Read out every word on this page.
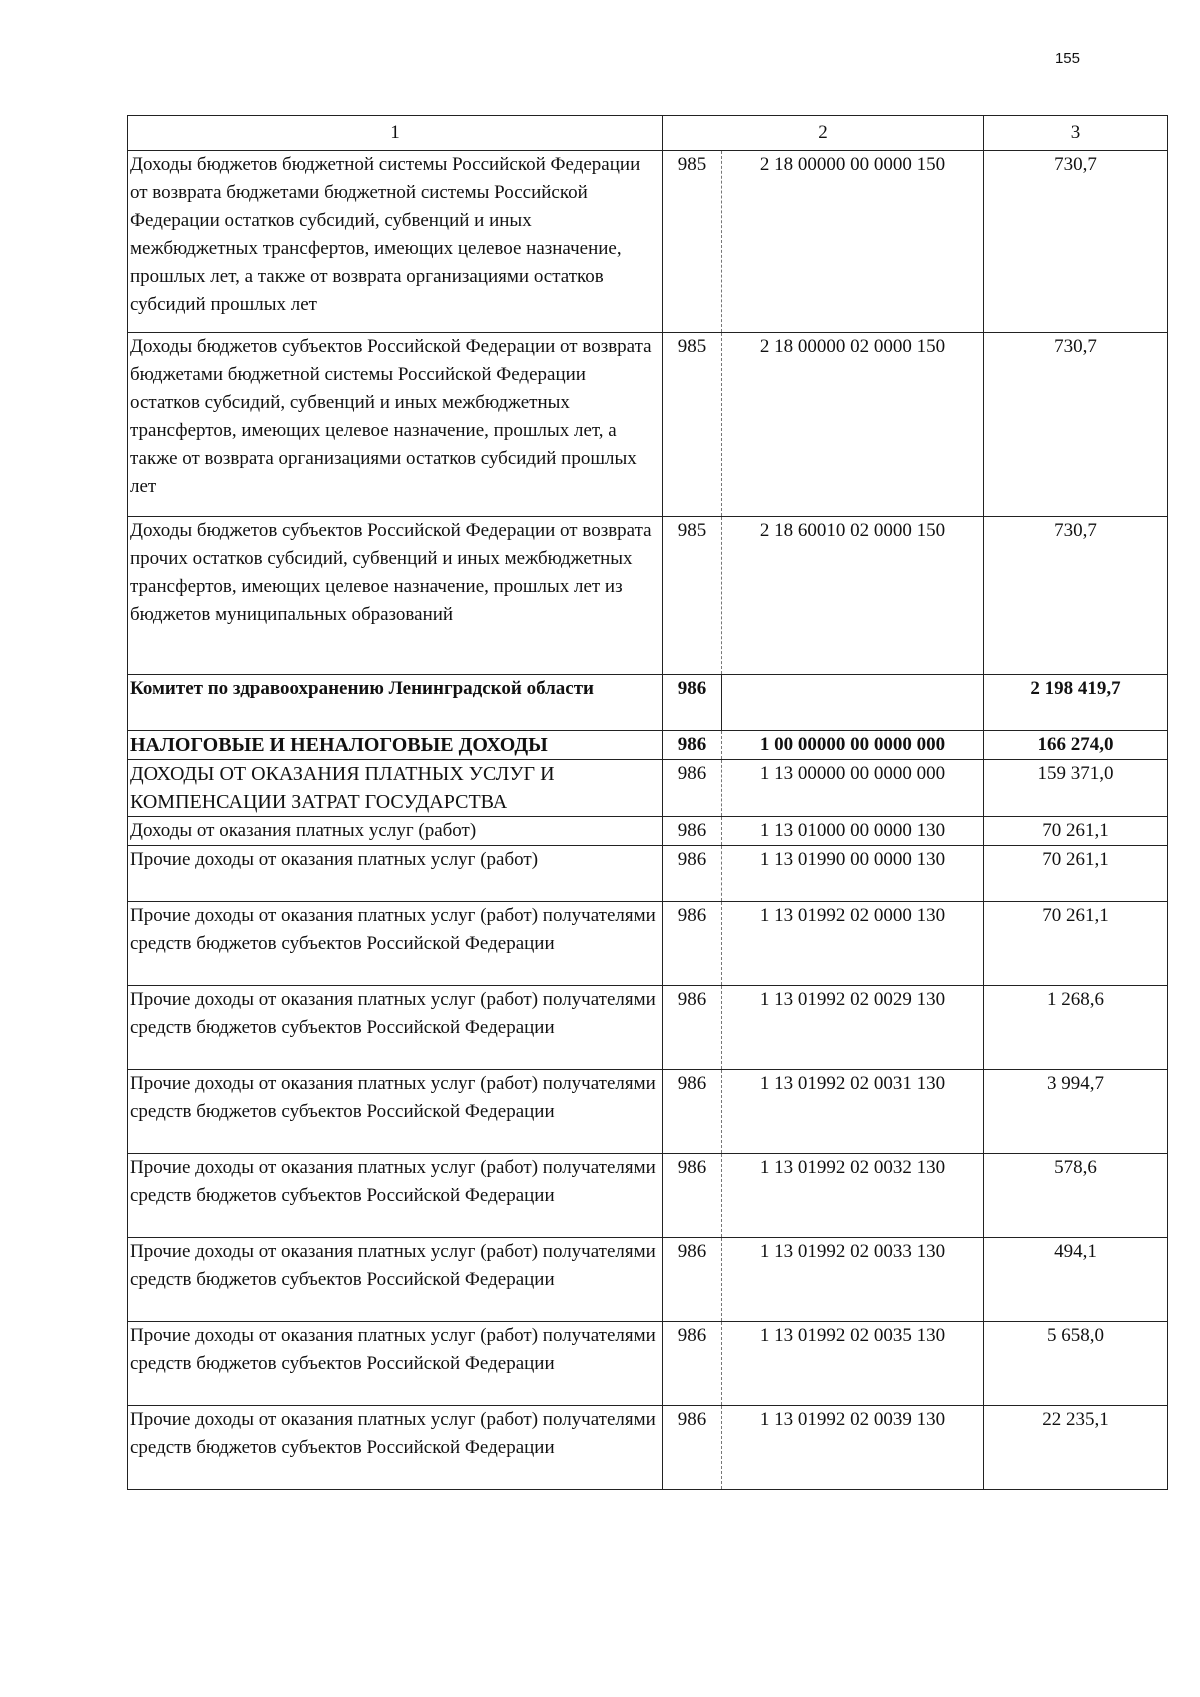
155
1	2		3
Доходы бюджетов бюджетной системы Российской Федерации от возврата бюджетами бюджетной системы Российской Федерации остатков субсидий, субвенций и иных межбюджетных трансфертов, имеющих целевое назначение, прошлых лет, а также от возврата организациями остатков субсидий прошлых лет	985	2 18 00000 00 0000 150	730,7
Доходы бюджетов субъектов Российской Федерации от возврата бюджетами бюджетной системы Российской Федерации остатков субсидий, субвенций и иных межбюджетных трансфертов, имеющих целевое назначение, прошлых лет, а также от возврата организациями остатков субсидий прошлых лет	985	2 18 00000 02 0000 150	730,7
Доходы бюджетов субъектов Российской Федерации от возврата прочих остатков субсидий, субвенций и иных межбюджетных трансфертов, имеющих целевое назначение, прошлых лет из бюджетов муниципальных образований	985	2 18 60010 02 0000 150	730,7
Комитет по здравоохранению Ленинградской области	986		2 198 419,7
НАЛОГОВЫЕ И НЕНАЛОГОВЫЕ ДОХОДЫ	986	1 00 00000 00 0000 000	166 274,0
ДОХОДЫ ОТ ОКАЗАНИЯ ПЛАТНЫХ УСЛУГ И КОМПЕНСАЦИИ ЗАТРАТ ГОСУДАРСТВА	986	1 13 00000 00 0000 000	159 371,0
Доходы от оказания платных услуг (работ)	986	1 13 01000 00 0000 130	70 261,1
Прочие доходы от оказания платных услуг (работ)	986	1 13 01990 00 0000 130	70 261,1
Прочие доходы от оказания платных услуг (работ) получателями средств бюджетов субъектов Российской Федерации	986	1 13 01992 02 0000 130	70 261,1
Прочие доходы от оказания платных услуг (работ) получателями средств бюджетов субъектов Российской Федерации	986	1 13 01992 02 0029 130	1 268,6
Прочие доходы от оказания платных услуг (работ) получателями средств бюджетов субъектов Российской Федерации	986	1 13 01992 02 0031 130	3 994,7
Прочие доходы от оказания платных услуг (работ) получателями средств бюджетов субъектов Российской Федерации	986	1 13 01992 02 0032 130	578,6
Прочие доходы от оказания платных услуг (работ) получателями средств бюджетов субъектов Российской Федерации	986	1 13 01992 02 0033 130	494,1
Прочие доходы от оказания платных услуг (работ) получателями средств бюджетов субъектов Российской Федерации	986	1 13 01992 02 0035 130	5 658,0
Прочие доходы от оказания платных услуг (работ) получателями средств бюджетов субъектов Российской Федерации	986	1 13 01992 02 0039 130	22 235,1
